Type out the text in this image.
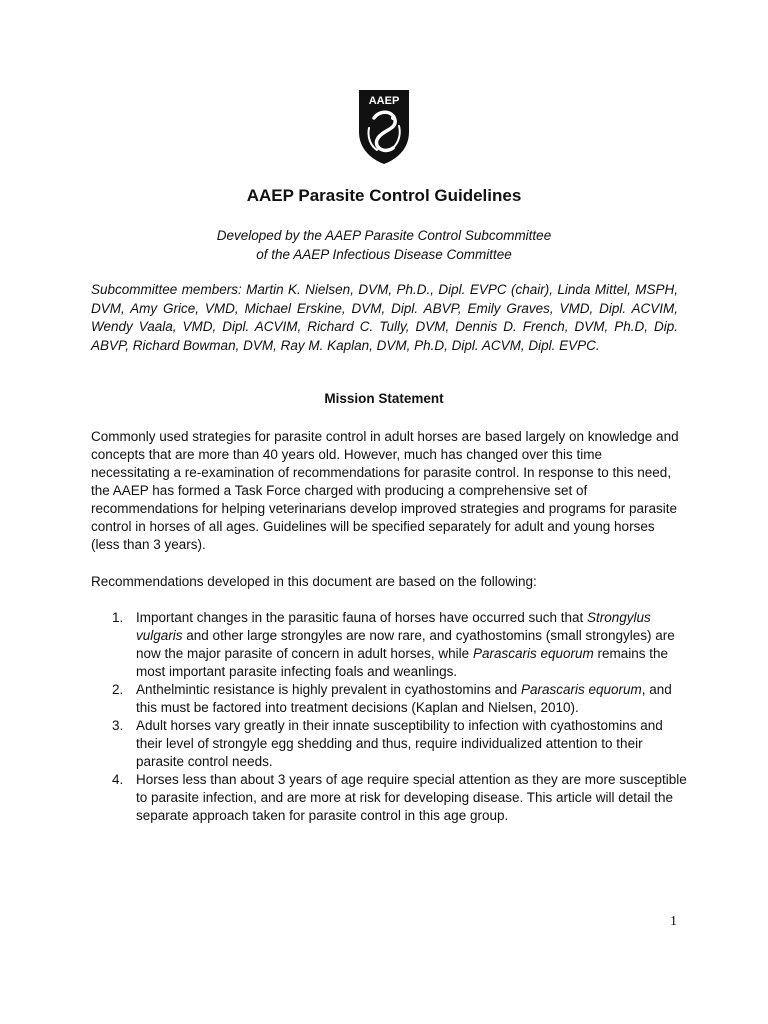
AAEP
AAEP Parasite Control Guidelines
Developed by the AAEP Parasite Control Subcommittee
of the AAEP Infectious Disease Committee

Subcommittee members: Martin K. Nielsen, DVM, Ph.D., Dipl. EVPC (chair), Linda Mittel, MSPH, DVM, Amy Grice, VMD, Michael Erskine, DVM, Dipl. ABVP, Emily Graves, VMD, Dipl. ACVIM, Wendy Vaala, VMD, Dipl. ACVIM, Richard C. Tully, DVM, Dennis D. French, DVM, Ph.D, Dip. ABVP, Richard Bowman, DVM, Ray M. Kaplan, DVM, Ph.D, Dipl. ACVM, Dipl. EVPC.

Mission Statement

Commonly used strategies for parasite control in adult horses are based largely on knowledge and concepts that are more than 40 years old. However, much has changed over this time necessitating a re-examination of recommendations for parasite control. In response to this need, the AAEP has formed a Task Force charged with producing a comprehensive set of recommendations for helping veterinarians develop improved strategies and programs for parasite control in horses of all ages. Guidelines will be specified separately for adult and young horses (less than 3 years).

Recommendations developed in this document are based on the following:

1. Important changes in the parasitic fauna of horses have occurred such that Strongylus vulgaris and other large strongyles are now rare, and cyathostomins (small strongyles) are now the major parasite of concern in adult horses, while Parascaris equorum remains the most important parasite infecting foals and weanlings.
2. Anthelmintic resistance is highly prevalent in cyathostomins and Parascaris equorum, and this must be factored into treatment decisions (Kaplan and Nielsen, 2010).
3. Adult horses vary greatly in their innate susceptibility to infection with cyathostomins and their level of strongyle egg shedding and thus, require individualized attention to their parasite control needs.
4. Horses less than about 3 years of age require special attention as they are more susceptible to parasite infection, and are more at risk for developing disease. This article will detail the separate approach taken for parasite control in this age group.
1
